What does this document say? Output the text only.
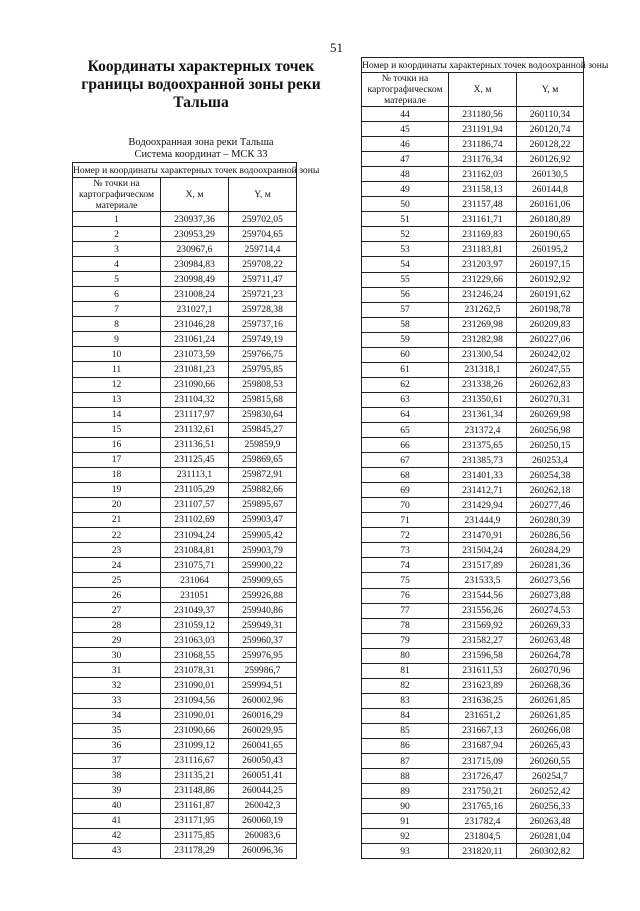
51
Координаты характерных точек границы водоохранной зоны реки Тальша
Водоохранная зона реки Тальша
Система координат – МСК 33
Номер и координаты характерных точек водоохранной зоны		
№ точки на картографическом материале	X, м	Y, м
1	230937,36	259702,05
2	230953,29	259704,65
3	230967,6	259714,4
4	230984,83	259708,22
5	230998,49	259711,47
6	231008,24	259721,23
7	231027,1	259728,38
8	231046,28	259737,16
9	231061,24	259749,19
10	231073,59	259766,75
11	231081,23	259795,85
12	231090,66	259808,53
13	231104,32	259815,68
14	231117,97	259830,64
15	231132,61	259845,27
16	231136,51	259859,9
17	231125,45	259869,65
18	231113,1	259872,91
19	231105,29	259882,66
20	231107,57	259895,67
21	231102,69	259903,47
22	231094,24	259905,42
23	231084,81	259903,79
24	231075,71	259900,22
25	231064	259909,65
26	231051	259926,88
27	231049,37	259940,86
28	231059,12	259949,31
29	231063,03	259960,37
30	231068,55	259976,95
31	231078,31	259986,7
32	231090,01	259994,51
33	231094,56	260002,96
34	231090,01	260016,29
35	231090,66	260029,95
36	231099,12	260041,65
37	231116,67	260050,43
38	231135,21	260051,41
39	231148,86	260044,25
40	231161,87	260042,3
41	231171,95	260060,19
42	231175,85	260083,6
43	231178,29	260096,36
Номер и координаты характерных точек водоохранной зоны		
№ точки на картографическом материале	X, м	Y, м
44	231180,56	260110,34
45	231191,94	260120,74
46	231186,74	260128,22
47	231176,34	260126,92
48	231162,03	260130,5
49	231158,13	260144,8
50	231157,48	260161,06
51	231161,71	260180,89
52	231169,83	260190,65
53	231183,81	260195,2
54	231203,97	260197,15
55	231229,66	260192,92
56	231246,24	260191,62
57	231262,5	260198,78
58	231269,98	260209,83
59	231282,98	260227,06
60	231300,54	260242,02
61	231318,1	260247,55
62	231338,26	260262,83
63	231350,61	260270,31
64	231361,34	260269,98
65	231372,4	260256,98
66	231375,65	260250,15
67	231385,73	260253,4
68	231401,33	260254,38
69	231412,71	260262,18
70	231429,94	260277,46
71	231444,9	260280,39
72	231470,91	260286,56
73	231504,24	260284,29
74	231517,89	260281,36
75	231533,5	260273,56
76	231544,56	260273,88
77	231556,26	260274,53
78	231569,92	260269,33
79	231582,27	260263,48
80	231596,58	260264,78
81	231611,53	260270,96
82	231623,89	260268,36
83	231636,25	260261,85
84	231651,2	260261,85
85	231667,13	260266,08
86	231687,94	260265,43
87	231715,09	260260,55
88	231726,47	260254,7
89	231750,21	260252,42
90	231765,16	260256,33
91	231782,4	260263,48
92	231804,5	260281,04
93	231820,11	260302,82
